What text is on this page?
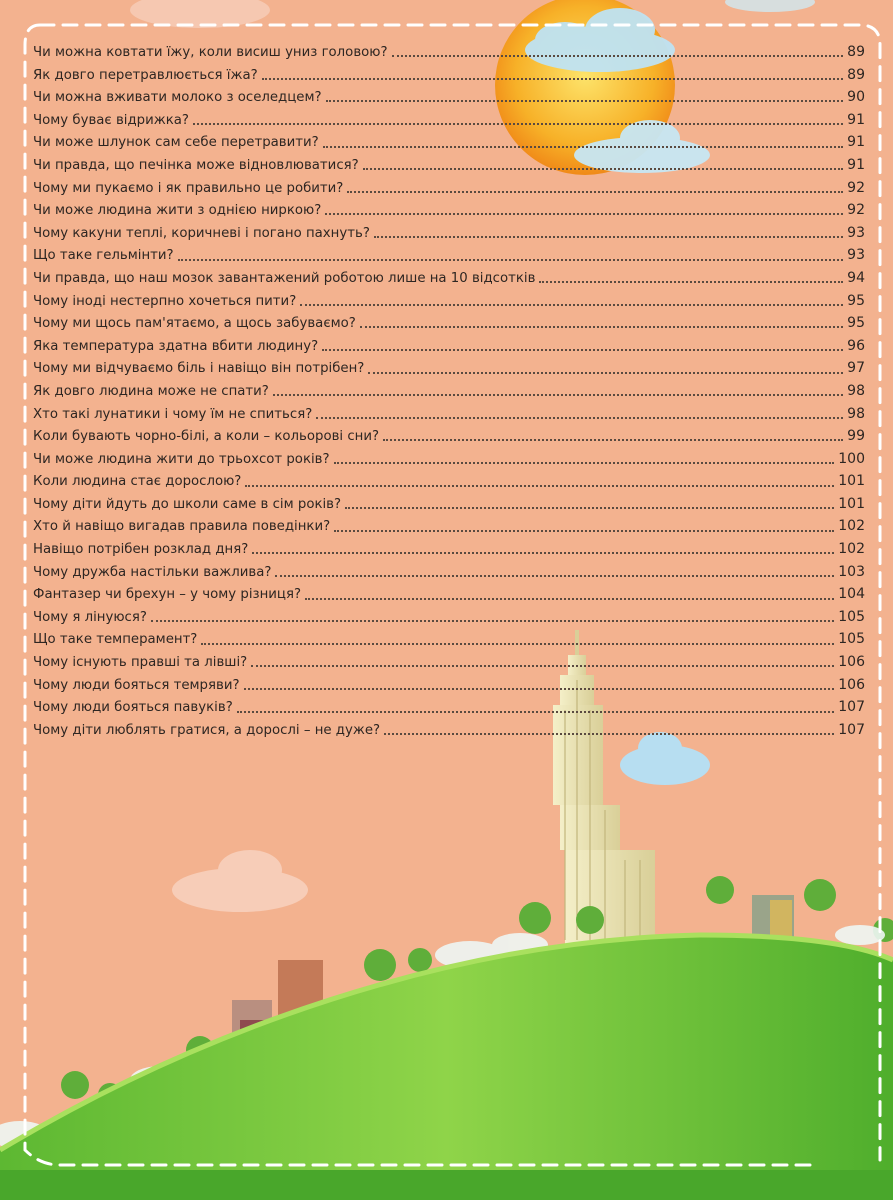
Чи можна ковтати їжу, коли висиш униз головою?	89
Як довго перетравлюється їжа?	89
Чи можна вживати молоко з оселедцем?	90
Чому буває відрижка?	91
Чи може шлунок сам себе перетравити?	91
Чи правда, що печінка може відновлюватися?	91
Чому ми пукаємо і як правильно це робити?	92
Чи може людина жити з однією ниркою?	92
Чому какуни теплі, коричневі і погано пахнуть?	93
Що таке гельмінти?	93
Чи правда, що наш мозок завантажений роботою лише на 10 відсотків	94
Чому іноді нестерпно хочеться пити?	95
Чому ми щось пам'ятаємо, а щось забуваємо?	95
Яка температура здатна вбити людину?	96
Чому ми відчуваємо біль і навіщо він потрібен?	97
Як довго людина може не спати?	98
Хто такі лунатики і чому їм не спиться?	98
Коли бувають чорно-білі, а коли – кольорові сни?	99
Чи може людина жити до трьохсот років?	100
Коли людина стає дорослою?	101
Чому діти йдуть до школи саме в сім років?	101
Хто й навіщо вигадав правила поведінки?	102
Навіщо потрібен розклад дня?	102
Чому дружба настільки важлива?	103
Фантазер чи брехун – у чому різниця?	104
Чому я лінуюся?	105
Що таке темперамент?	105
Чому існують правші та лівші?	106
Чому люди бояться темряви?	106
Чому люди бояться павуків?	107
Чому діти люблять гратися, а дорослі – не дуже?	107
